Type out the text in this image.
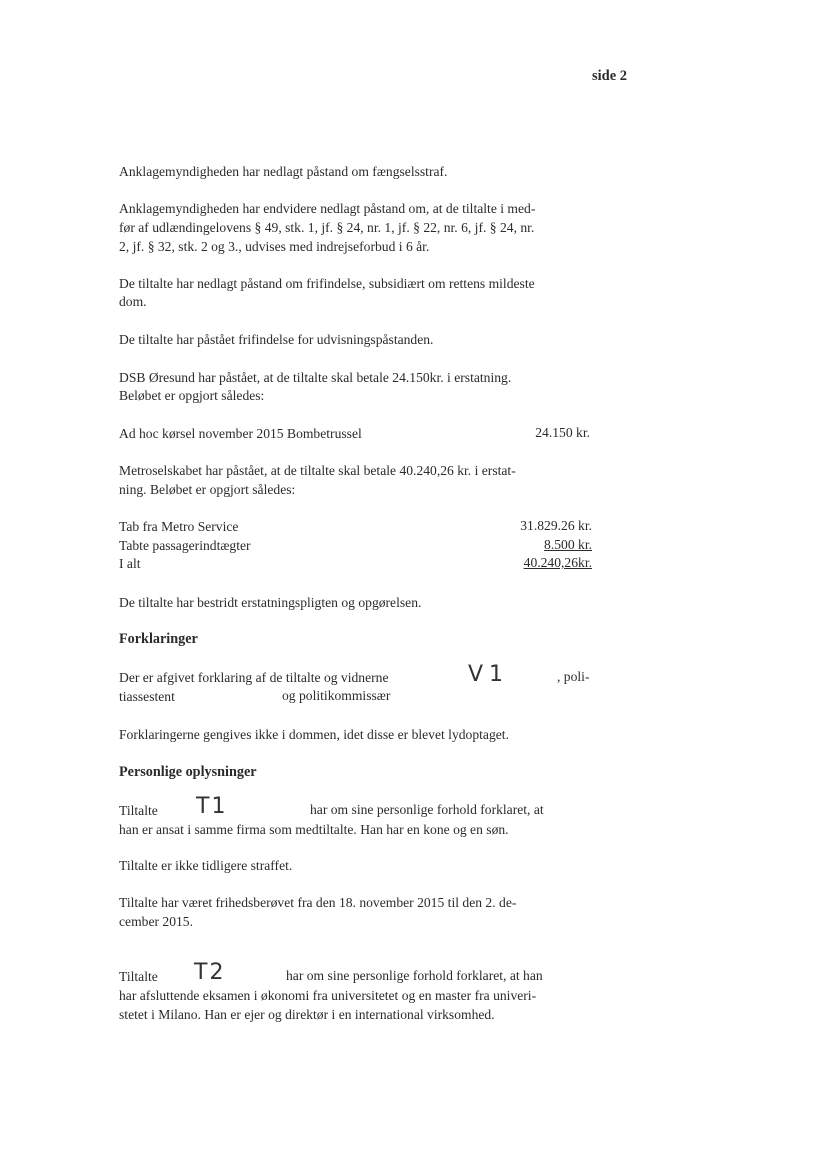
side 2
Anklagemyndigheden har nedlagt påstand om fængselsstraf.
Anklagemyndigheden har endvidere nedlagt påstand om, at de tiltalte i med-
før af udlændingelovens § 49, stk. 1, jf. § 24, nr. 1, jf. § 22, nr. 6, jf. § 24, nr.
2, jf. § 32, stk. 2 og 3., udvises med indrejseforbud i 6 år.
De tiltalte har nedlagt påstand om frifindelse, subsidiært om rettens mildeste
dom.
De tiltalte har påstået frifindelse for udvisningspåstanden.
DSB Øresund har påstået, at de tiltalte skal betale 24.150kr. i erstatning.
Beløbet er opgjort således:
Ad hoc kørsel november 2015 Bombetrussel	24.150 kr.
Metroselskabet har påstået, at de tiltalte skal betale 40.240,26 kr. i erstat-
ning. Beløbet er opgjort således:
Tab fra Metro Service	31.829.26 kr.
Tabte passagerindtægter	8.500 kr.
I alt	40.240,26kr.
De tiltalte har bestridt erstatningspligten og opgørelsen.
Forklaringer
Der er afgivet forklaring af de tiltalte og vidnerne	V1	, poli-
tiassestent	og politikommissær
Forklaringerne gengives ikke i dommen, idet disse er blevet lydoptaget.
Personlige oplysninger
Tiltalte T1	har om sine personlige forhold forklaret, at
han er ansat i samme firma som medtiltalte. Han har en kone og en søn.
Tiltalte er ikke tidligere straffet.
Tiltalte har været frihedsberøvet fra den 18. november 2015 til den 2. de-
cember 2015.
Tiltalte T2	har om sine personlige forhold forklaret, at han
har afsluttende eksamen i økonomi fra universitetet og en master fra univeri-
stetet i Milano. Han er ejer og direktør i en international virksomhed.
